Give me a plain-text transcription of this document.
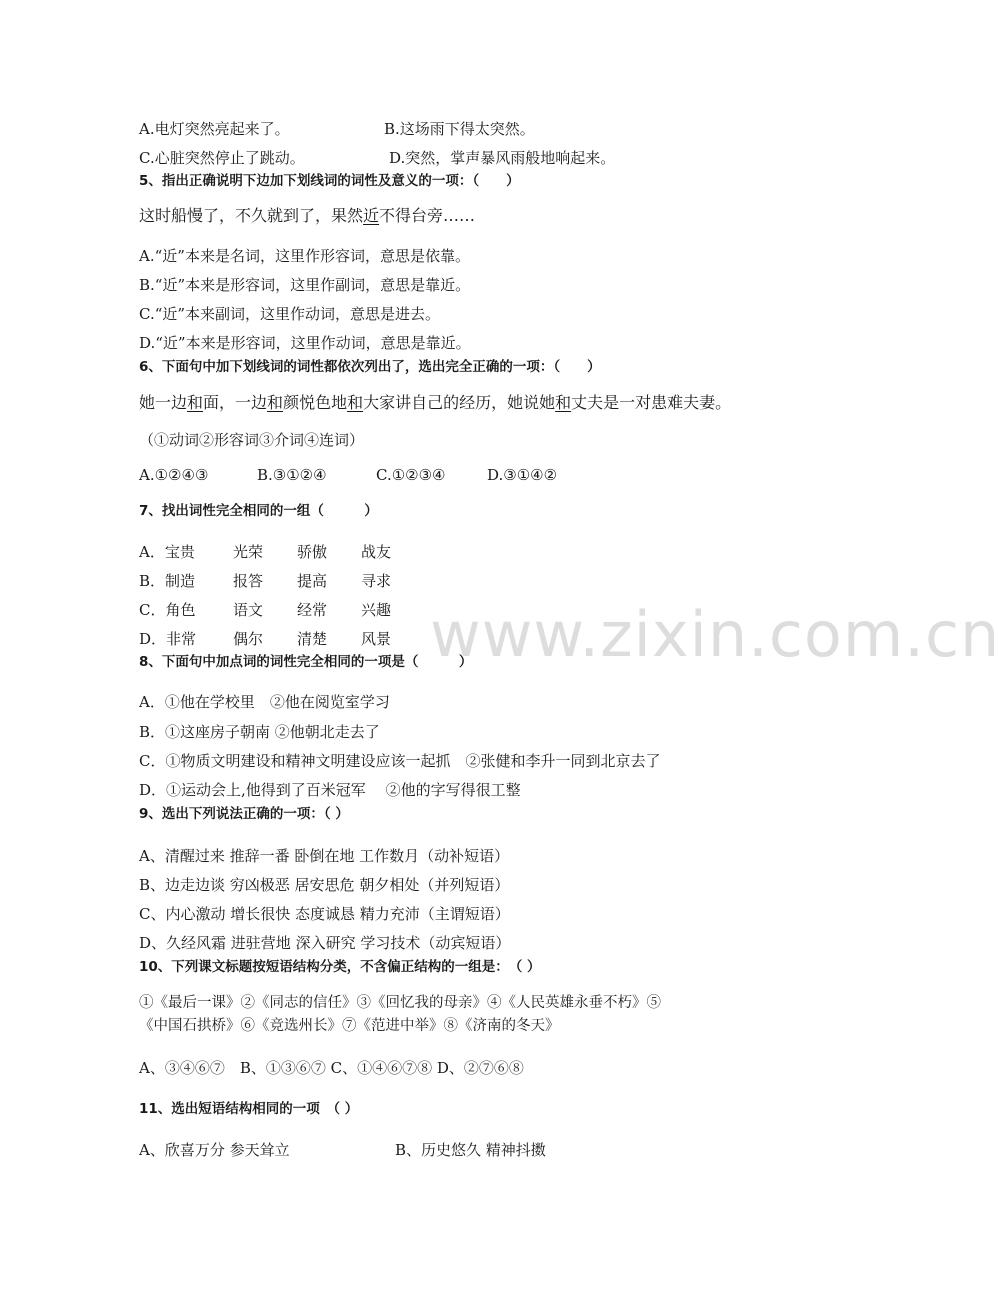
www.zixin.com.cn
A.电灯突然亮起来了。	B.这场雨下得太突然。
C.心脏突然停止了跳动。	D.突然，掌声暴风雨般地响起来。
5、指出正确说明下边加下划线词的词性及意义的一项：（　　）
这时船慢了，不久就到了，果然近不得台旁……
A.“近”本来是名词，这里作形容词，意思是依靠。
B.“近”本来是形容词，这里作副词，意思是靠近。
C.“近”本来副词，这里作动词，意思是进去。
D.“近”本来是形容词，这里作动词，意思是靠近。
6、下面句中加下划线词的词性都依次列出了，选出完全正确的一项：（　　）
她一边和面，一边和颜悦色地和大家讲自己的经历，她说她和丈夫是一对患难夫妻。
（①动词②形容词③介词④连词）
A.①②④③	B.③①②④	C.①②③④	D.③①④②
7、找出词性完全相同的一组（　　　）
A．宝贵	光荣 骄傲 战友
B．制造	报答 提高 寻求
C．角色	语文 经常 兴趣
D．非常 偶尔 清楚 风景
8、下面句中加点词的词性完全相同的一项是（　　　）
A．①他在学校里　②他在阅览室学习
B．①这座房子朝南 ②他朝北走去了
C．①物质文明建设和精神文明建设应该一起抓　②张健和李升一同到北京去了
D．①运动会上,他得到了百米冠军　 ②他的字写得很工整
9、选出下列说法正确的一项：（ ）
A、清醒过来 推辞一番 卧倒在地 工作数月（动补短语）
B、边走边谈 穷凶极恶 居安思危 朝夕相处（并列短语）
C、内心激动 增长很快 态度诚恳 精力充沛（主谓短语）
D、久经风霜 进驻营地 深入研究 学习技术（动宾短语）
10、下列课文标题按短语结构分类，不含偏正结构的一组是：　（ ）
①《最后一课》②《同志的信任》③《回忆我的母亲》④《人民英雄永垂不朽》⑤
《中国石拱桥》⑥《竞选州长》⑦《范进中举》⑧《济南的冬天》
A、③④⑥⑦　B、①③⑥⑦ C、①④⑥⑦⑧ D、②⑦⑥⑧
11、选出短语结构相同的一项　（ ）
A、欣喜万分 参天耸立	B、历史悠久 精神抖擞
